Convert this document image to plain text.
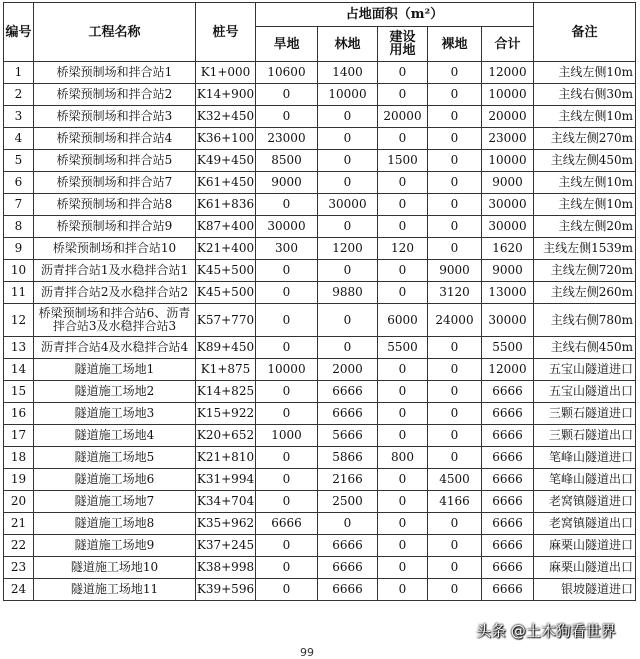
编号	工程名称	桩号	占地面积（m²）					备注
			旱地	林地	建设用地	裸地	合计	
1	桥梁预制场和拌合站1	K1+000	10600	1400	0	0	12000	主线左侧10m
2	桥梁预制场和拌合站2	K14+900	0	10000	0	0	10000	主线右侧30m
3	桥梁预制场和拌合站3	K32+450	0	0	20000	0	20000	主线左侧10m
4	桥梁预制场和拌合站4	K36+100	23000	0	0	0	23000	主线左侧270m
5	桥梁预制场和拌合站5	K49+450	8500	0	1500	0	10000	主线左侧450m
6	桥梁预制场和拌合站7	K61+450	9000	0	0	0	9000	主线左侧10m
7	桥梁预制场和拌合站8	K61+836	0	30000	0	0	30000	主线左侧10m
8	桥梁预制场和拌合站9	K87+400	30000	0	0	0	30000	主线左侧20m
9	桥梁预制场和拌合站10	K21+400	300	1200	120	0	1620	主线左侧1539m
10	沥青拌合站1及水稳拌合站1	K45+500	0	0	0	9000	9000	主线左侧720m
11	沥青拌合站2及水稳拌合站2	K45+500	0	9880	0	3120	13000	主线左侧260m
12	桥梁预制场和拌合站6、沥青拌合站3及水稳拌合站3	K57+770	0	0	6000	24000	30000	主线右侧780m
13	沥青拌合站4及水稳拌合站4	K89+450	0	0	5500	0	5500	主线右侧450m
14	隧道施工场地1	K1+875	10000	2000	0	0	12000	五宝山隧道进口
15	隧道施工场地2	K14+825	0	6666	0	0	6666	五宝山隧道出口
16	隧道施工场地3	K15+922	0	6666	0	0	6666	三颗石隧道进口
17	隧道施工场地4	K20+652	1000	5666	0	0	6666	三颗石隧道出口
18	隧道施工场地5	K21+810	0	5866	800	0	6666	笔峰山隧道进口
19	隧道施工场地6	K31+994	0	2166	0	4500	6666	笔峰山隧道出口
20	隧道施工场地7	K34+704	0	2500	0	4166	6666	老窝镇隧道进口
21	隧道施工场地8	K35+962	6666	0	0	0	6666	老窝镇隧道出口
22	隧道施工场地9	K37+245	0	6666	0	0	6666	麻栗山隧道进口
23	隧道施工场地10	K38+998	0	6666	0	0	6666	麻栗山隧道出口
24	隧道施工场地11	K39+596	0	6666	0	0	6666	银坡隧道进口
99
头条 @土木狗看世界
